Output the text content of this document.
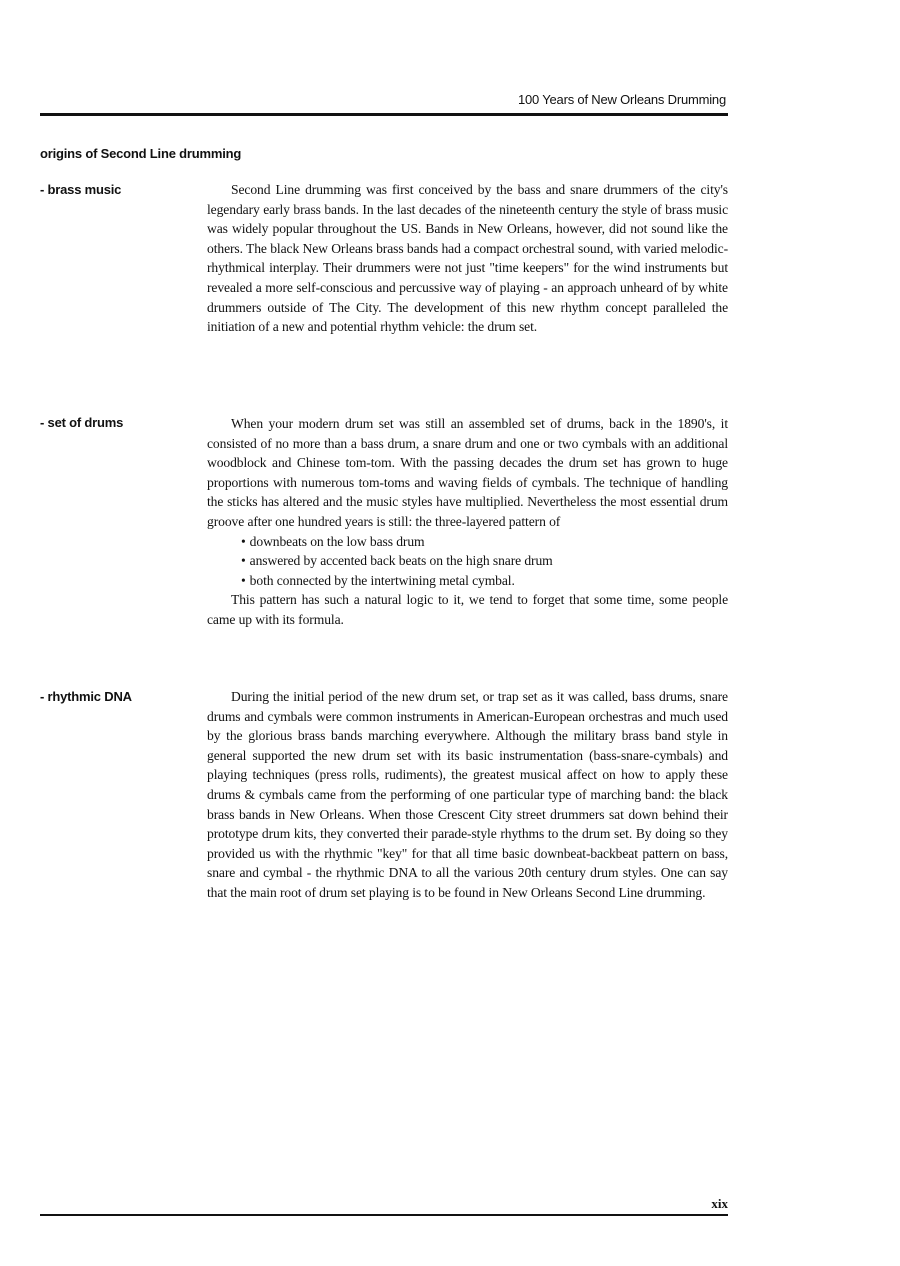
100 Years of New Orleans Drumming
origins of Second Line drumming
- brass music	Second Line drumming was first conceived by the bass and snare drummers of the city's legendary early brass bands. In the last decades of the nineteenth century the style of brass music was widely popular throughout the US. Bands in New Orleans, however, did not sound like the others. The black New Orleans brass bands had a compact orchestral sound, with varied melodic-rhythmical interplay. Their drummers were not just "time keepers" for the wind instruments but revealed a more self-conscious and percussive way of playing - an approach unheard of by white drummers outside of The City. The development of this new rhythm concept paralleled the initiation of a new and potential rhythm vehicle: the drum set.

- set of drums	When your modern drum set was still an assembled set of drums, back in the 1890's, it consisted of no more than a bass drum, a snare drum and one or two cymbals with an additional woodblock and Chinese tom-tom. With the passing decades the drum set has grown to huge proportions with numerous tom-toms and waving fields of cymbals. The technique of handling the sticks has altered and the music styles have multiplied. Nevertheless the most essential drum groove after one hundred years is still: the three-layered pattern of

• downbeats on the low bass drum
• answered by accented back beats on the high snare drum
• both connected by the intertwining metal cymbal.

This pattern has such a natural logic to it, we tend to forget that some time, some people came up with its formula.

- rhythmic DNA	During the initial period of the new drum set, or trap set as it was called, bass drums, snare drums and cymbals were common instruments in American-European orchestras and much used by the glorious brass bands marching everywhere. Although the military brass band style in general supported the new drum set with its basic instrumentation (bass-snare-cymbals) and playing techniques (press rolls, rudiments), the greatest musical affect on how to apply these drums & cymbals came from the performing of one particular type of marching band: the black brass bands in New Orleans. When those Crescent City street drummers sat down behind their prototype drum kits, they converted their parade-style rhythms to the drum set. By doing so they provided us with the rhythmic "key" for that all time basic downbeat-backbeat pattern on bass, snare and cymbal - the rhythmic DNA to all the various 20th century drum styles. One can say that the main root of drum set playing is to be found in New Orleans Second Line drumming.

xix
